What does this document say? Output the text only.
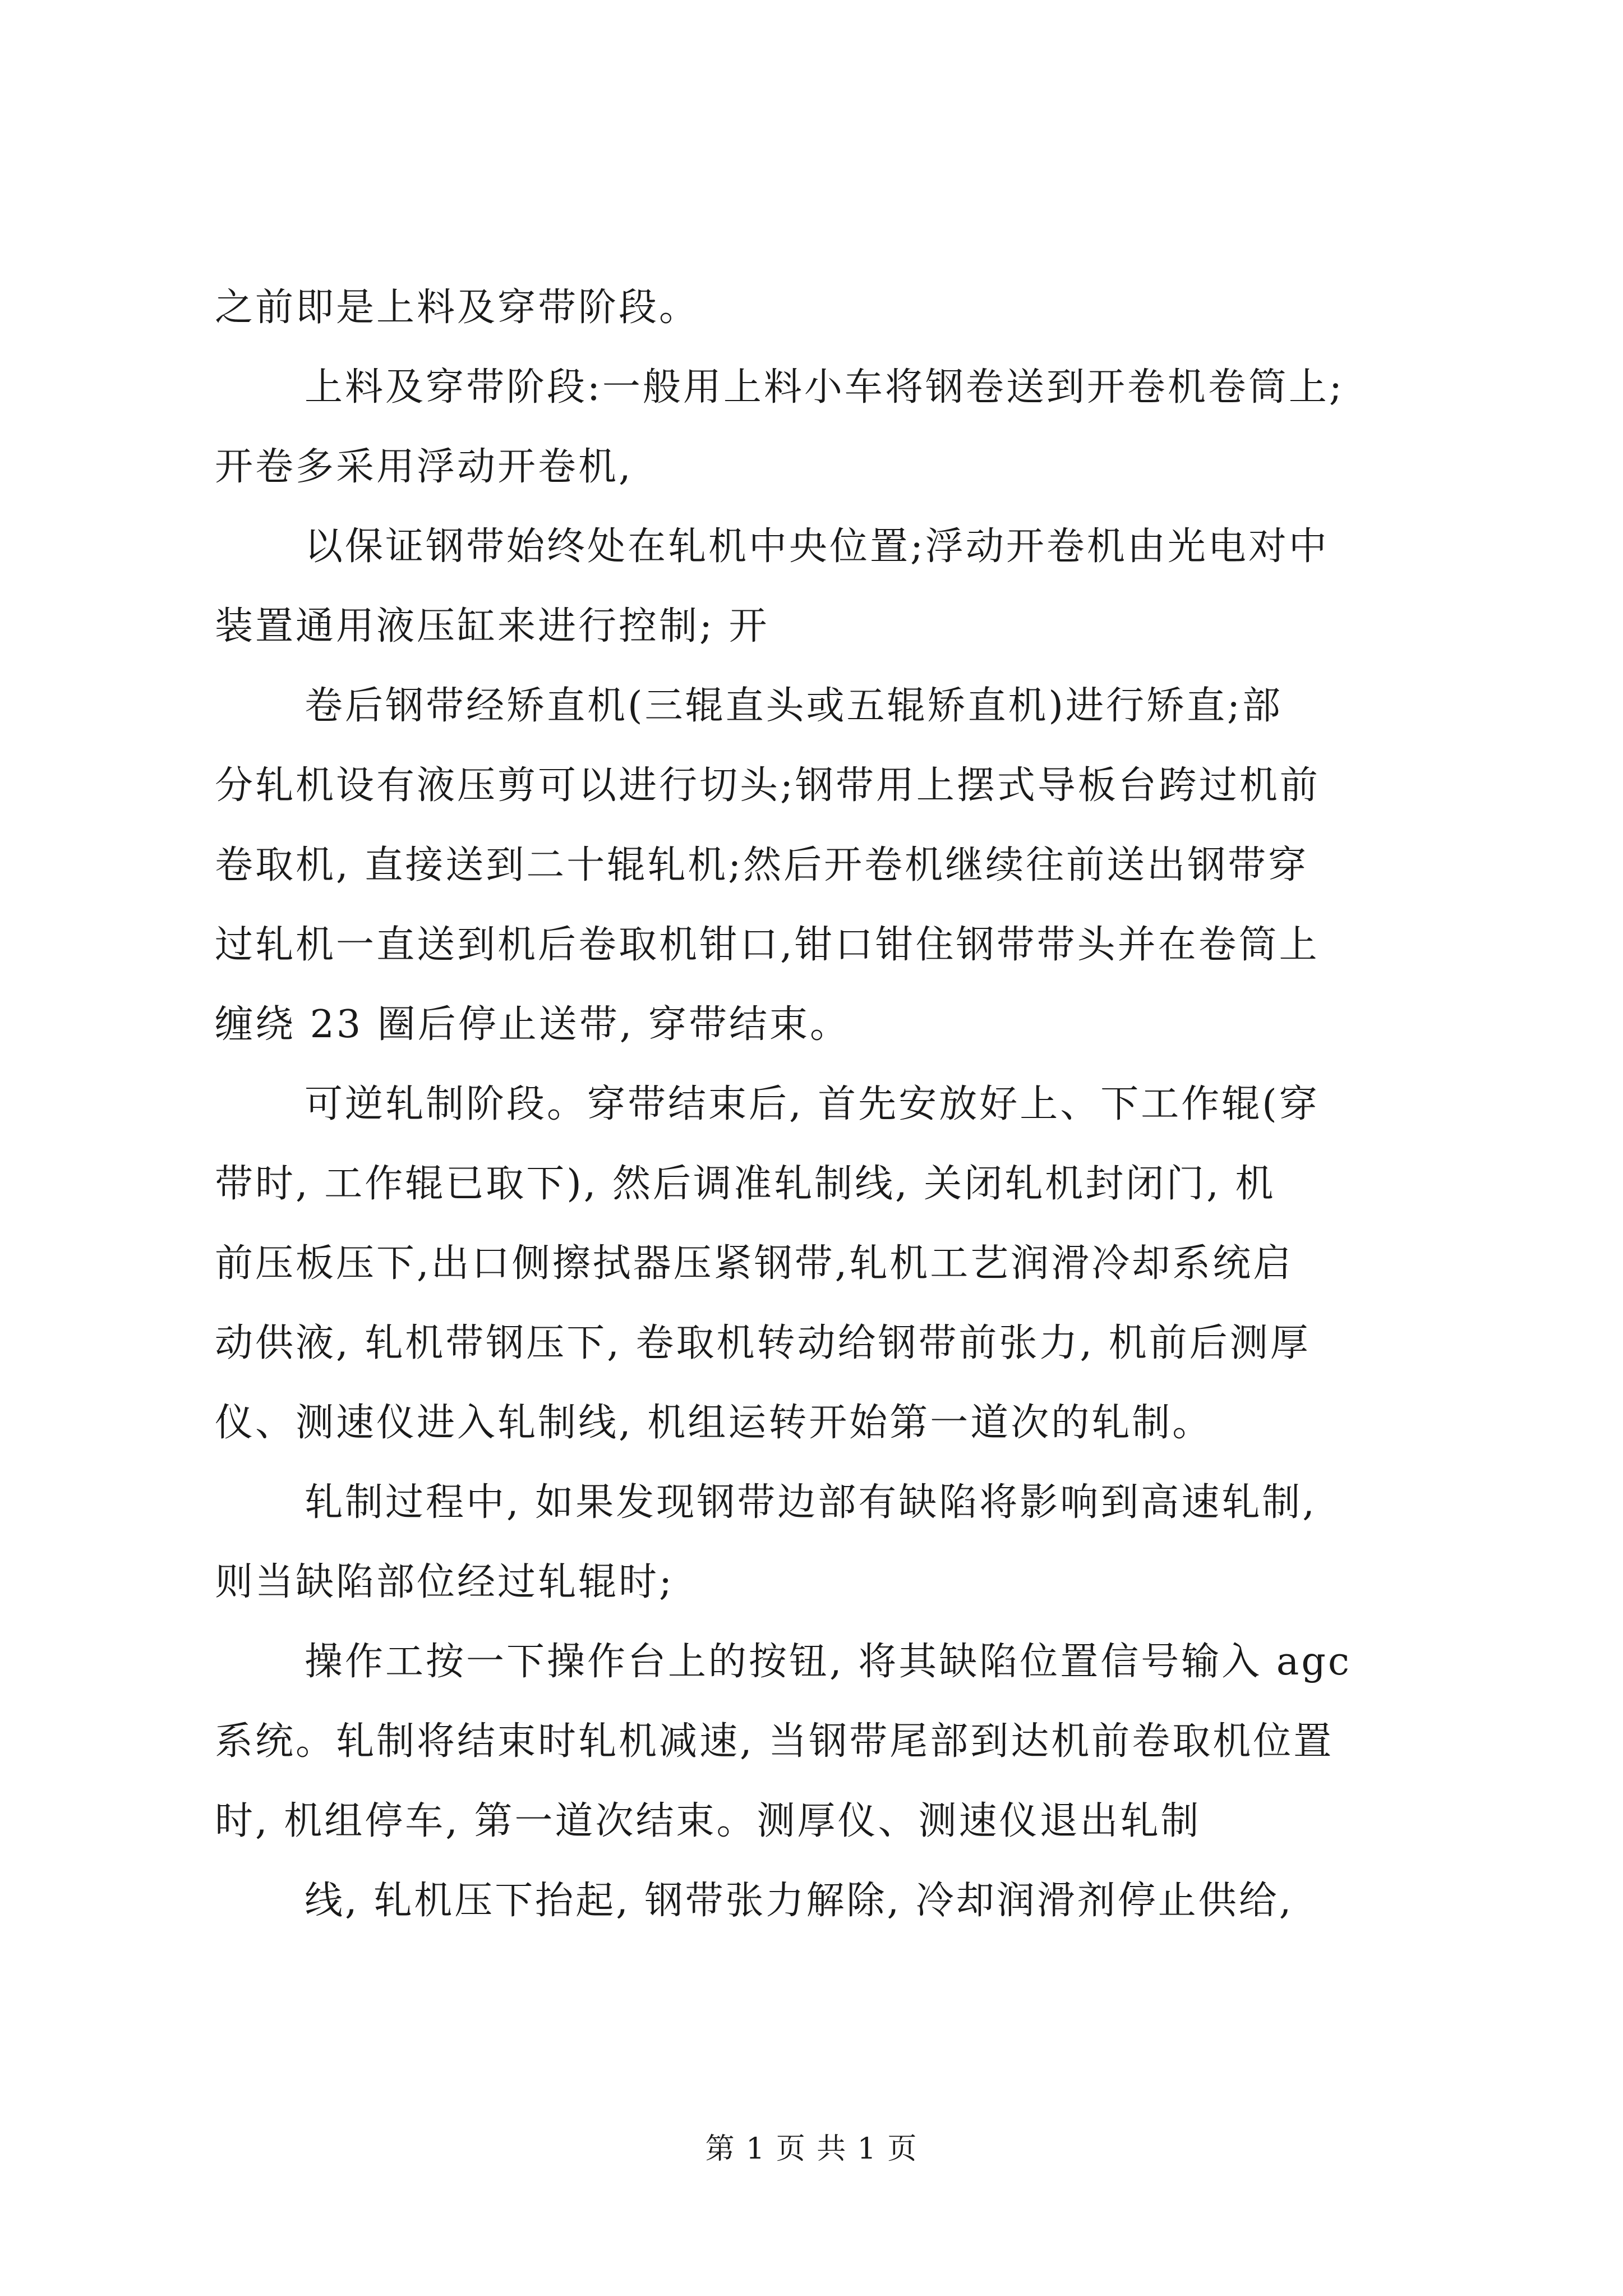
之前即是上料及穿带阶段。
上料及穿带阶段:一般用上料小车将钢卷送到开卷机卷筒上;
开卷多采用浮动开卷机,
以保证钢带始终处在轧机中央位置;浮动开卷机由光电对中
装置通用液压缸来进行控制; 开
卷后钢带经矫直机(三辊直头或五辊矫直机)进行矫直;部
分轧机设有液压剪可以进行切头;钢带用上摆式导板台跨过机前
卷取机, 直接送到二十辊轧机;然后开卷机继续往前送出钢带穿
过轧机一直送到机后卷取机钳口,钳口钳住钢带带头并在卷筒上
缠绕 23 圈后停止送带, 穿带结束。
可逆轧制阶段。穿带结束后, 首先安放好上、下工作辊(穿
带时, 工作辊已取下), 然后调准轧制线, 关闭轧机封闭门, 机
前压板压下,出口侧擦拭器压紧钢带,轧机工艺润滑冷却系统启
动供液, 轧机带钢压下, 卷取机转动给钢带前张力, 机前后测厚
仪、测速仪进入轧制线, 机组运转开始第一道次的轧制。
轧制过程中, 如果发现钢带边部有缺陷将影响到高速轧制,
则当缺陷部位经过轧辊时;
操作工按一下操作台上的按钮, 将其缺陷位置信号输入 agc
系统。轧制将结束时轧机减速, 当钢带尾部到达机前卷取机位置
时, 机组停车, 第一道次结束。测厚仪、测速仪退出轧制
线, 轧机压下抬起, 钢带张力解除, 冷却润滑剂停止供给,
第 1 页 共 1 页
